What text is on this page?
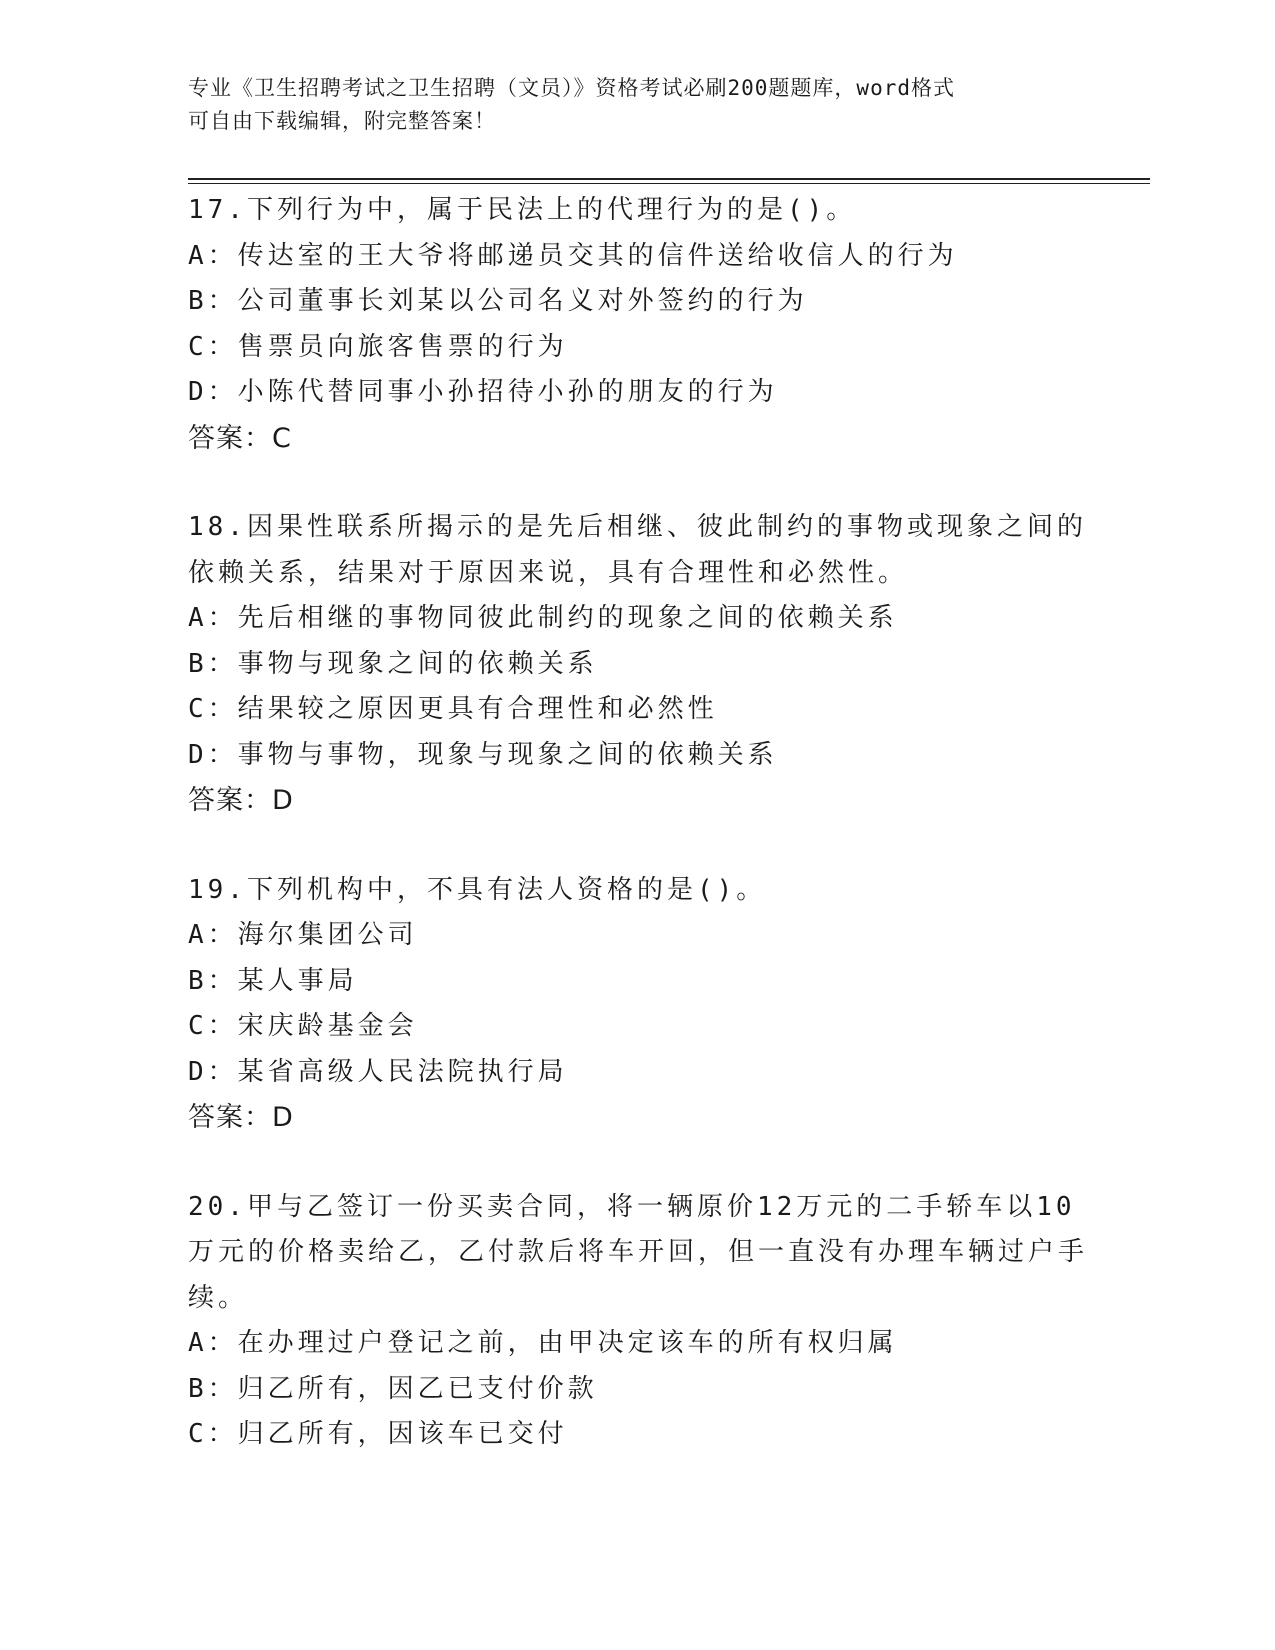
专业《卫生招聘考试之卫生招聘（文员）》资格考试必刷200题题库，word格式
可自由下载编辑，附完整答案！
17.下列行为中，属于民法上的代理行为的是()。
A：传达室的王大爷将邮递员交其的信件送给收信人的行为
B：公司董事长刘某以公司名义对外签约的行为
C：售票员向旅客售票的行为
D：小陈代替同事小孙招待小孙的朋友的行为
答案：C
18.因果性联系所揭示的是先后相继、彼此制约的事物或现象之间的依赖关系，结果对于原因来说，具有合理性和必然性。
A：先后相继的事物同彼此制约的现象之间的依赖关系
B：事物与现象之间的依赖关系
C：结果较之原因更具有合理性和必然性
D：事物与事物，现象与现象之间的依赖关系
答案：D
19.下列机构中，不具有法人资格的是()。
A：海尔集团公司
B：某人事局
C：宋庆龄基金会
D：某省高级人民法院执行局
答案：D
20.甲与乙签订一份买卖合同，将一辆原价12万元的二手轿车以10万元的价格卖给乙，乙付款后将车开回，但一直没有办理车辆过户手续。
A：在办理过户登记之前，由甲决定该车的所有权归属
B：归乙所有，因乙已支付价款
C：归乙所有，因该车已交付
